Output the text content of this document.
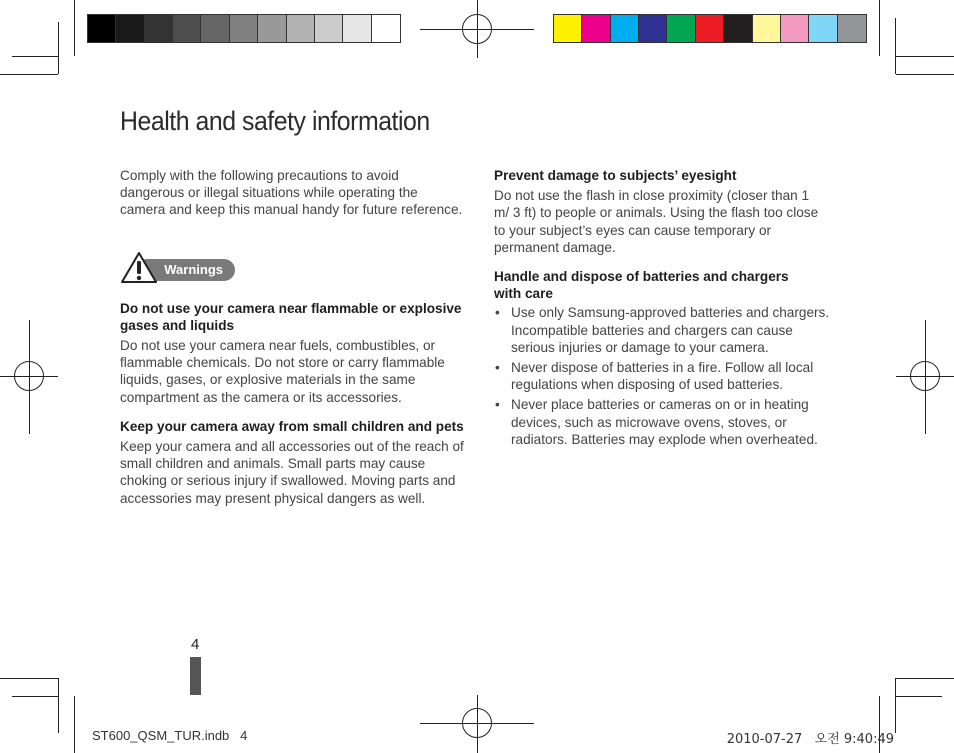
Health and safety information

Comply with the following precautions to avoid dangerous or illegal situations while operating the camera and keep this manual handy for future reference.

Warnings

Do not use your camera near flammable or explosive gases and liquids

Do not use your camera near fuels, combustibles, or flammable chemicals. Do not store or carry flammable liquids, gases, or explosive materials in the same compartment as the camera or its accessories.

Keep your camera away from small children and pets

Keep your camera and all accessories out of the reach of small children and animals. Small parts may cause choking or serious injury if swallowed. Moving parts and accessories may present physical dangers as well.

Prevent damage to subjects’ eyesight

Do not use the flash in close proximity (closer than 1 m/ 3 ft) to people or animals. Using the flash too close to your subject’s eyes can cause temporary or permanent damage.

Handle and dispose of batteries and chargers with care

• Use only Samsung-approved batteries and chargers. Incompatible batteries and chargers can cause serious injuries or damage to your camera.
• Never dispose of batteries in a fire. Follow all local regulations when disposing of used batteries.
• Never place batteries or cameras on or in heating devices, such as microwave ovens, stoves, or radiators. Batteries may explode when overheated.
4
ST600_QSM_TUR.indb   4	2010-07-27   오전 9:40:49
